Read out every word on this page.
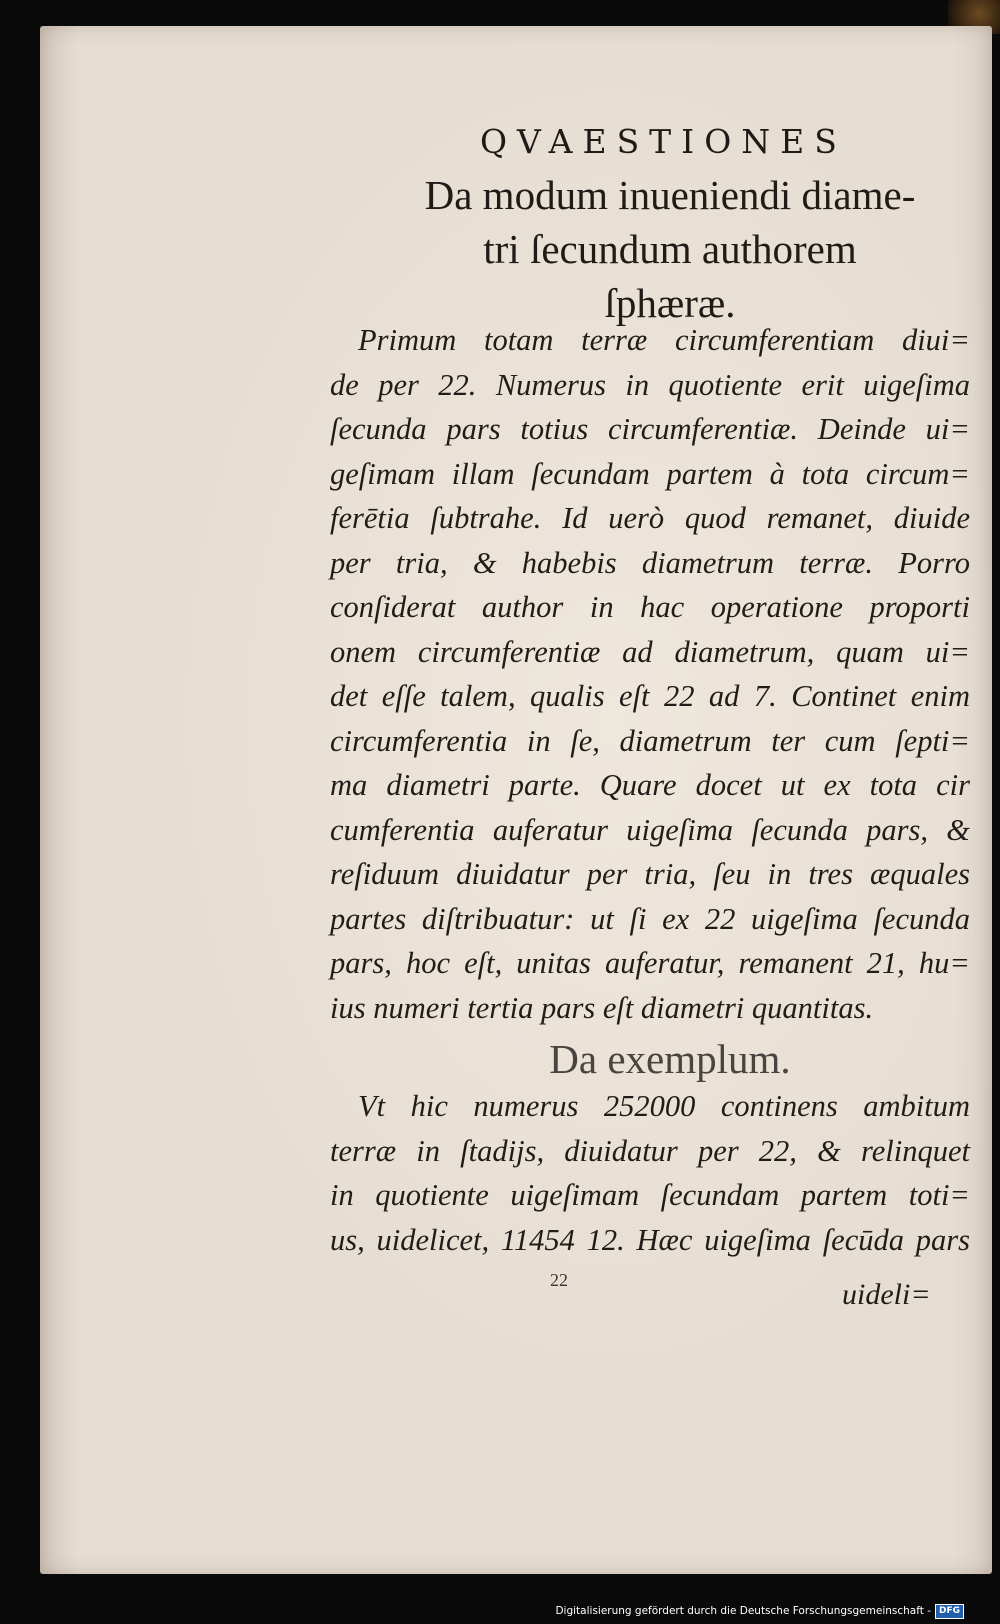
QVAESTIONES
Da modum inueniendi diame-
tri ſecundum authorem
ſphæræ.
Primum totam terræ circumferentiam diui=
de per 22. Numerus in quotiente erit uigeſima
ſecunda pars totius circumferentiæ. Deinde ui=
geſimam illam ſecundam partem à tota circum=
ferētia ſubtrahe. Id uerò quod remanet, diuide
per tria, & habebis diametrum terræ. Porro
conſiderat author in hac operatione proporti
onem circumferentiæ ad diametrum, quam ui=
det eſſe talem, qualis eſt 22 ad 7. Continet enim
circumferentia in ſe, diametrum ter cum ſepti=
ma diametri parte. Quare docet ut ex tota cir
cumferentia auferatur uigeſima ſecunda pars, &
reſiduum diuidatur per tria, ſeu in tres æquales
partes diſtribuatur: ut ſi ex 22 uigeſima ſecunda
pars, hoc eſt, unitas auferatur, remanent 21, hu=
ius numeri tertia pars eſt diametri quantitas.
Da exemplum.
Vt hic numerus 252000 continens ambitum
terræ in ſtadijs, diuidatur per 22, & relinquet
in quotiente uigeſimam ſecundam partem toti=
us, uidelicet, 11454 12. Hæc uigeſima ſecūda pars
22	uideli=
Digitalisierung gefördert durch die Deutsche Forschungsgemeinschaft - DFG
